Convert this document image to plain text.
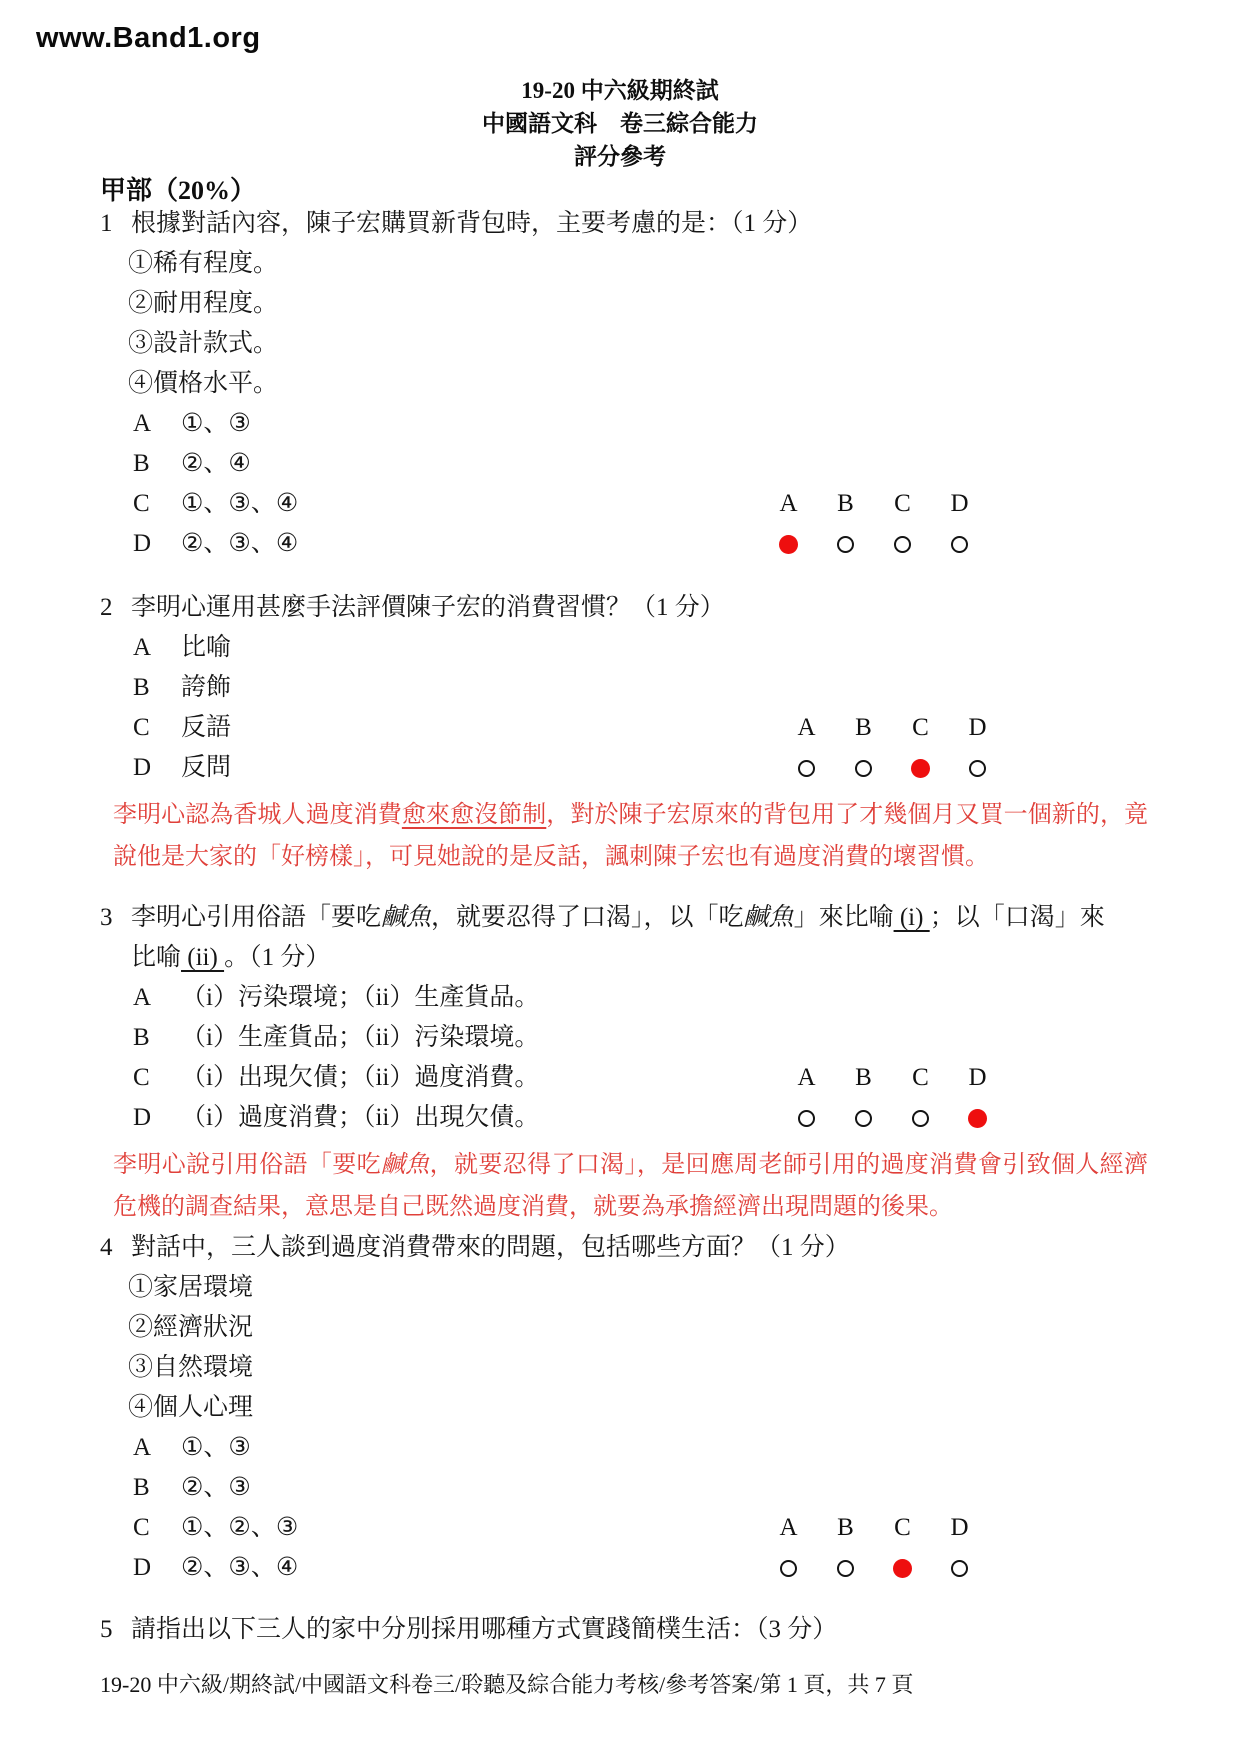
www.Band1.org
19-20 中六級期終試
中國語文科　卷三綜合能力
評分參考
甲部（20%）
1 根據對話內容，陳子宏購買新背包時，主要考慮的是：（1 分）
①稀有程度。
②耐用程度。
③設計款式。
④價格水平。
A ①、③
B ②、④
C ①、③、④
D ②、③、④
A	B	C	D
2 李明心運用甚麼手法評價陳子宏的消費習慣？（1 分）
A 比喻
B 誇飾
C 反語
D 反問
A	B	C	D
李明心認為香城人過度消費愈來愈沒節制，對於陳子宏原來的背包用了才幾個月又買一個新的，竟說他是大家的「好榜樣」，可見她說的是反話，諷刺陳子宏也有過度消費的壞習慣。
3 李明心引用俗語「要吃鹹魚，就要忍得了口渴」，以「吃鹹魚」來比喻 (i) ；以「口渴」來
比喻 (ii) 。（1 分）
A （i）污染環境；（ii）生產貨品。
B （i）生產貨品；（ii）污染環境。
C （i）出現欠債；（ii）過度消費。
D （i）過度消費；（ii）出現欠債。
A	B	C	D
李明心說引用俗語「要吃鹹魚，就要忍得了口渴」，是回應周老師引用的過度消費會引致個人經濟危機的調查結果，意思是自己既然過度消費，就要為承擔經濟出現問題的後果。
4 對話中，三人談到過度消費帶來的問題，包括哪些方面？（1 分）
①家居環境
②經濟狀況
③自然環境
④個人心理
A ①、③
B ②、③
C ①、②、③
D ②、③、④
A	B	C	D
5 請指出以下三人的家中分別採用哪種方式實踐簡樸生活：（3 分）
19-20 中六級/期終試/中國語文科卷三/聆聽及綜合能力考核/參考答案/第 1 頁，共 7 頁
